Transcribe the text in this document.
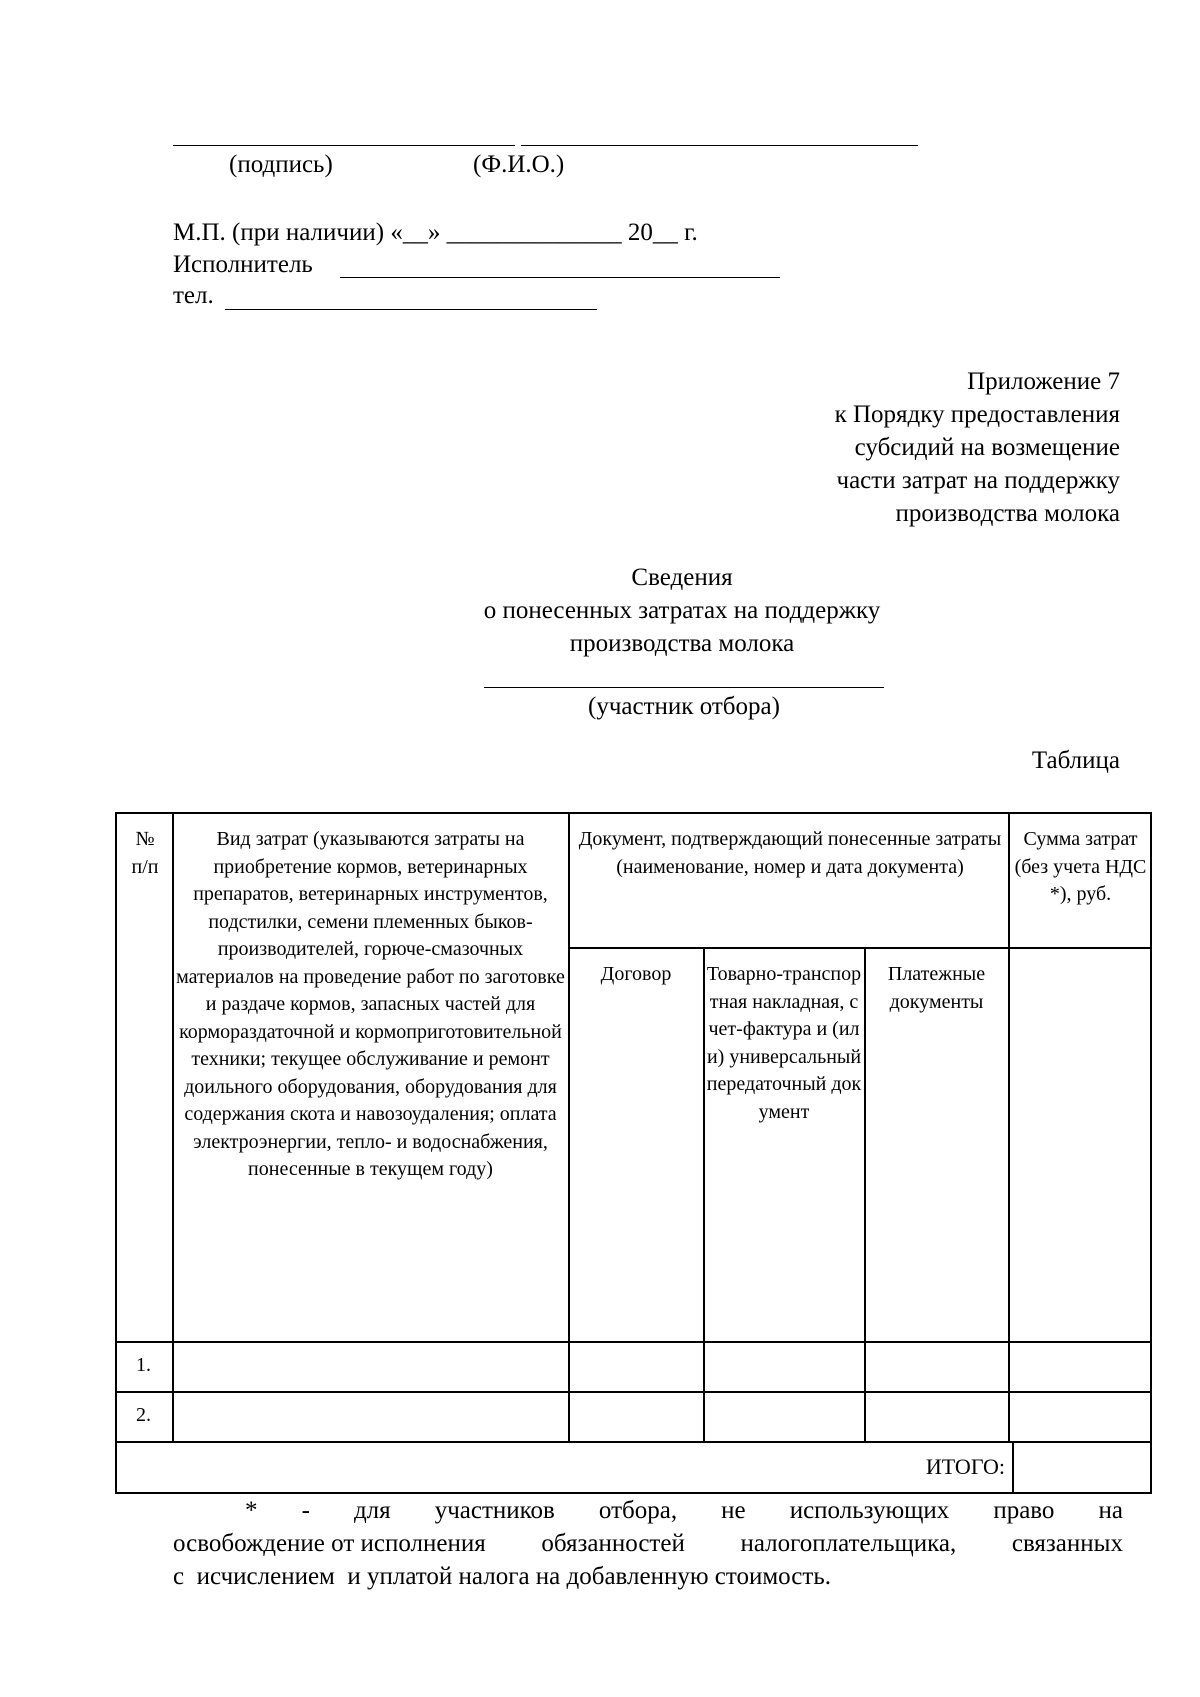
(подпись)	(Ф.И.О.)
М.П. (при наличии) «__» ______________ 20__ г.
Исполнитель
тел.
Приложение 7
к Порядку предоставления
субсидий на возмещение
части затрат на поддержку
производства молока
Сведения
о понесенных затратах на поддержку
производства молока
(участник отбора)
Таблица
№ п/п
Вид затрат (указываются затраты на приобретение кормов, ветеринарных препаратов, ветеринарных инструментов, подстилки, семени племенных быков-производителей, горюче-смазочных материалов на проведение работ по заготовке и раздаче кормов, запасных частей для кормораздаточной и кормоприготовительной техники; текущее обслуживание и ремонт доильного оборудования, оборудования для содержания скота и навозоудаления; оплата электроэнергии, тепло- и водоснабжения, понесенные в текущем году)
Документ, подтверждающий понесенные затраты (наименование, номер и дата документа)
Сумма затрат (без учета НДС *), руб.
Договор	Товарно-транспортная накладная, счет-фактура и (или) универсальный передаточный документ
Платежные документы
1.
2.
ИТОГО:
* - для участников отбора, не использующих право на
освобождение от исполнения обязанностей налогоплательщика, связанных
с  исчислением  и уплатой налога на добавленную стоимость.
